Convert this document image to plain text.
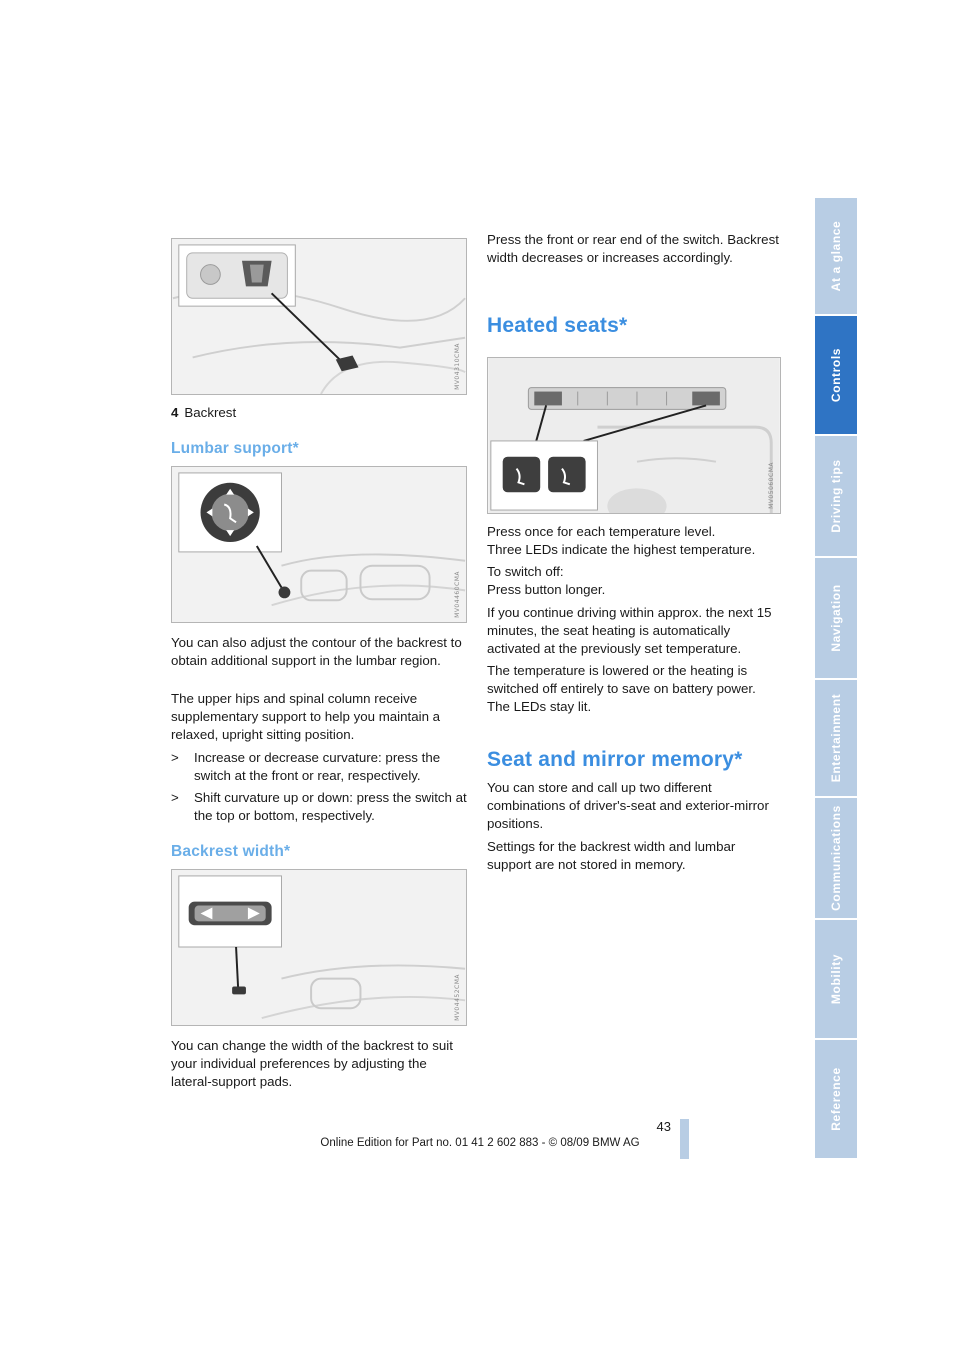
MV04310CMA

4 Backrest

Lumbar support*
MV04460CMA

You can also adjust the contour of the backrest to obtain additional support in the lumbar region.

The upper hips and spinal column receive supplementary support to help you maintain a relaxed, upright sitting position.

> Increase or decrease curvature: press the switch at the front or rear, respectively.
> Shift curvature up or down: press the switch at the top or bottom, respectively.
Backrest width*
MV04452CMA

You can change the width of the backrest to suit your individual preferences by adjusting the lateral-support pads.

Press the front or rear end of the switch. Backrest width decreases or increases accordingly.

Heated seats*
MV05060CMA

Press once for each temperature level.

Three LEDs indicate the highest temperature.

To switch off:

Press button longer.

If you continue driving within approx. the next 15 minutes, the seat heating is automatically activated at the previously set temperature.

The temperature is lowered or the heating is switched off entirely to save on battery power. The LEDs stay lit.

Seat and mirror memory*

You can store and call up two different combinations of driver's-seat and exterior-mirror positions.

Settings for the backrest width and lumbar support are not stored in memory.

At a glance
Controls
Driving tips
Navigation
Entertainment
Communications
Mobility
Reference
43
Online Edition for Part no. 01 41 2 602 883 - © 08/09 BMW AG
